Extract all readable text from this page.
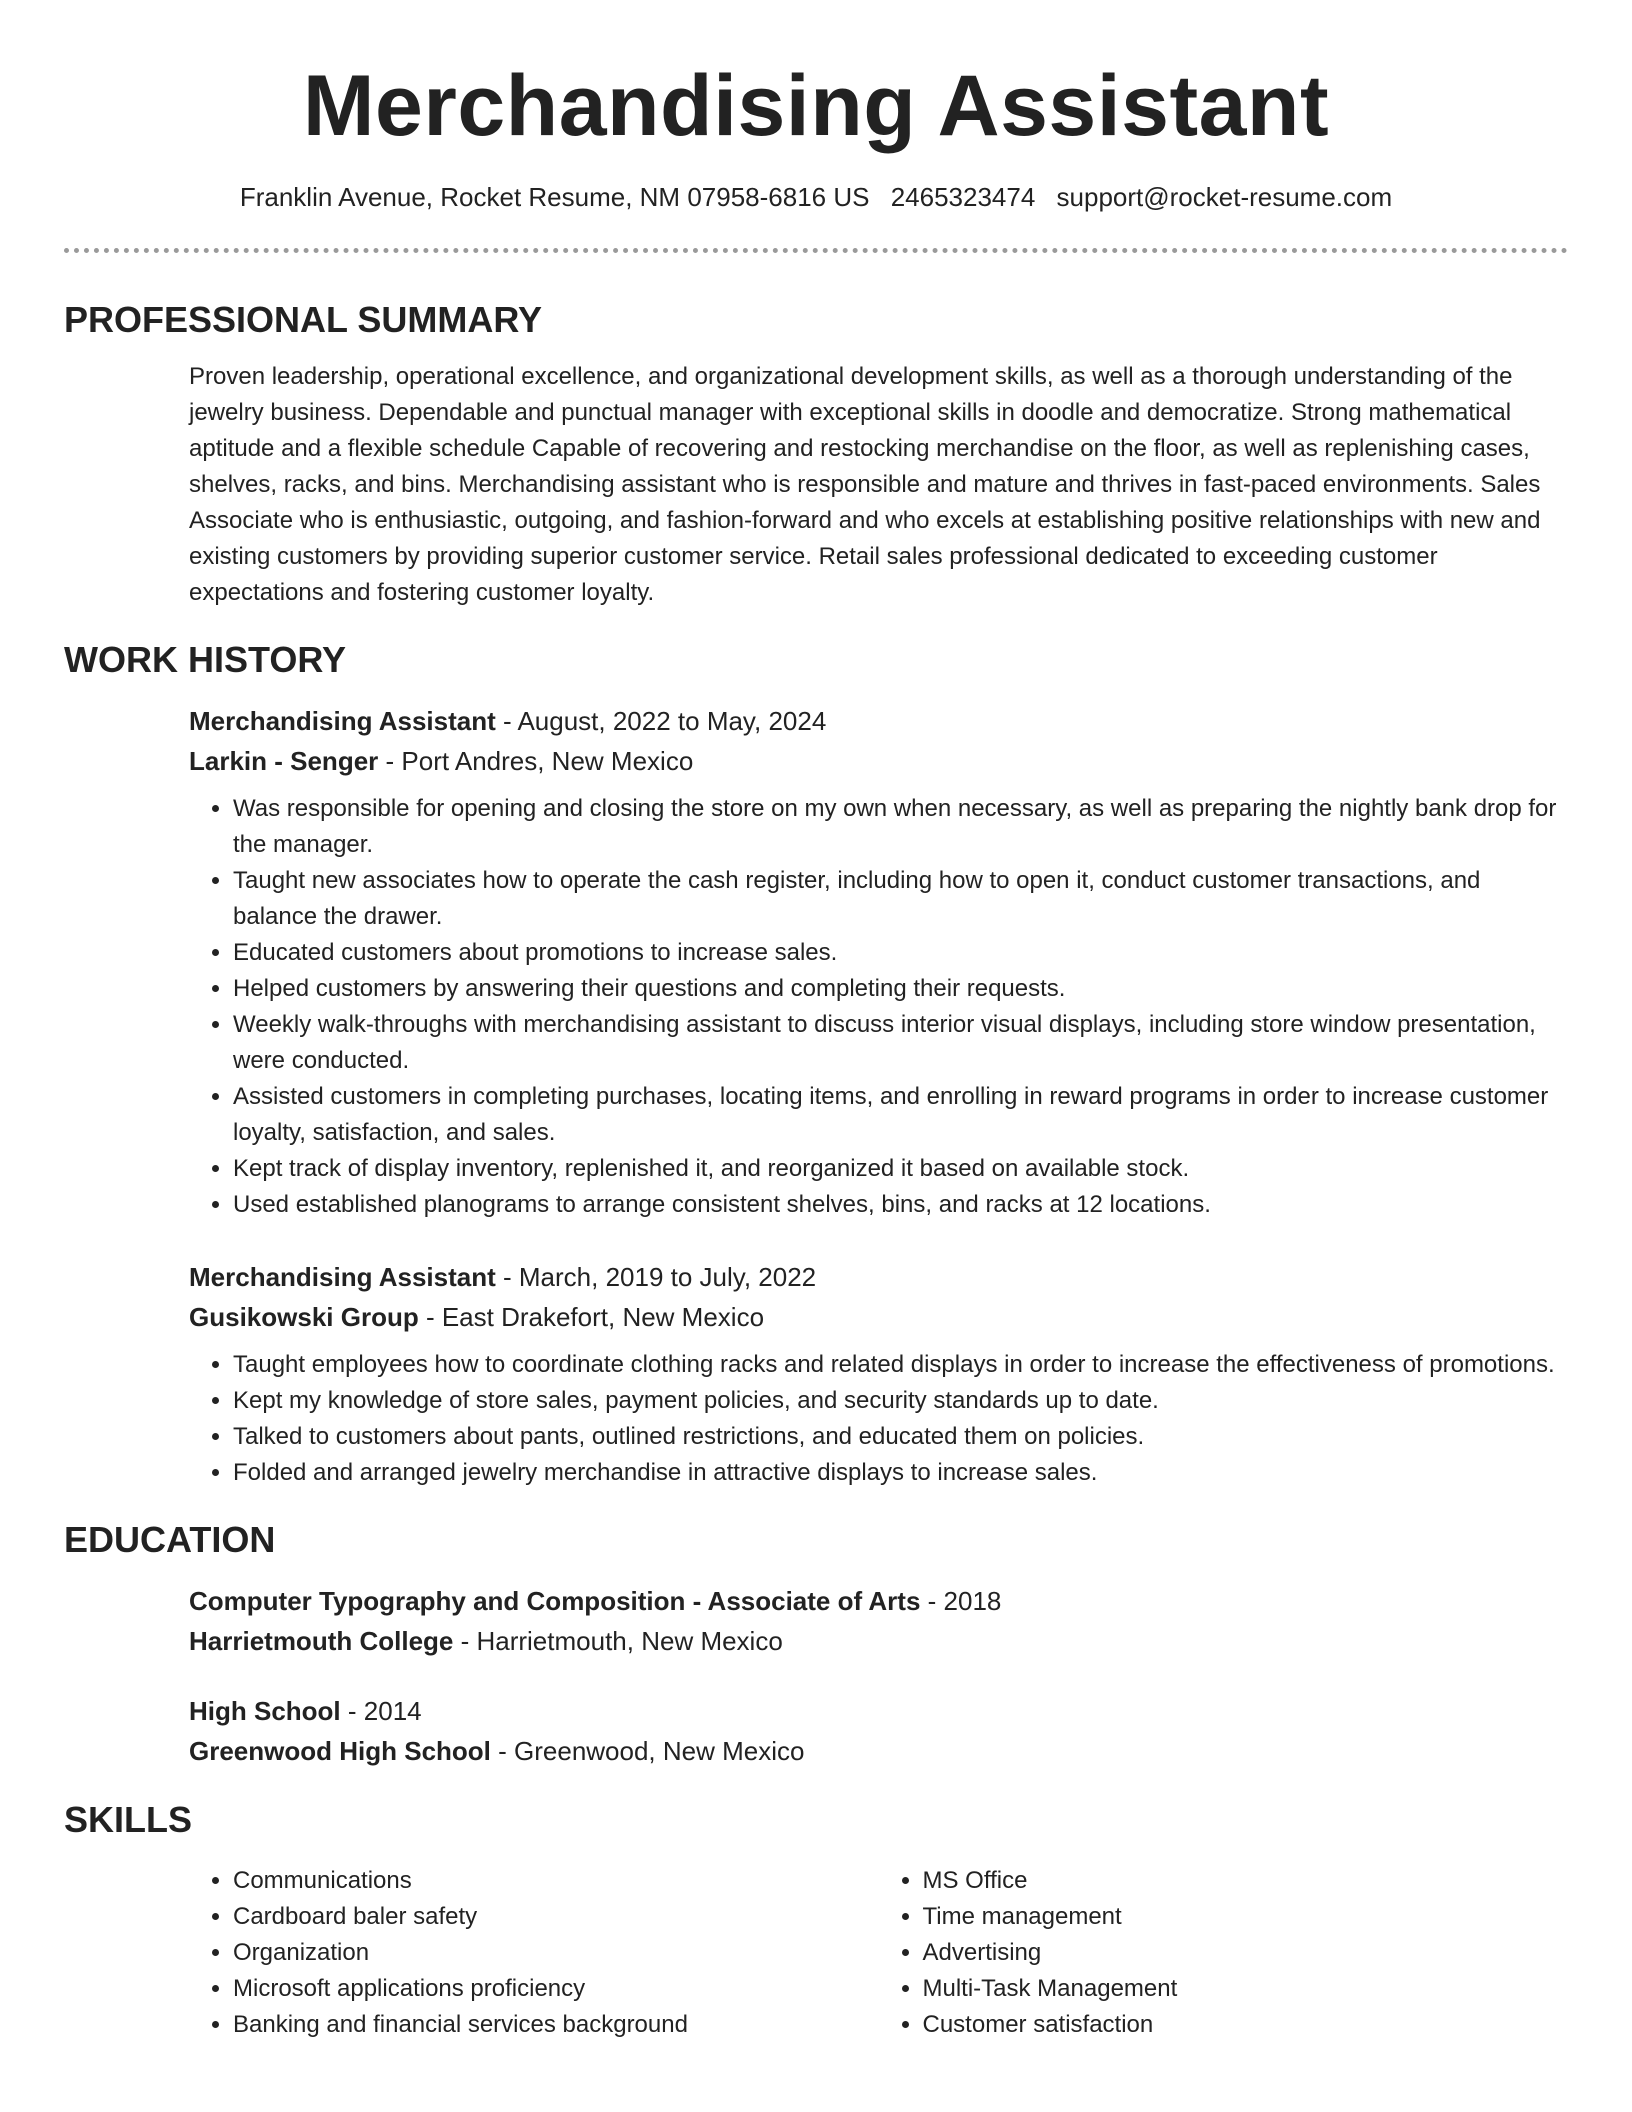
Merchandising Assistant
Franklin Avenue, Rocket Resume, NM 07958-6816 US 2465323474 support@rocket-resume.com
PROFESSIONAL SUMMARY

Proven leadership, operational excellence, and organizational development skills, as well as a thorough understanding of the jewelry business. Dependable and punctual manager with exceptional skills in doodle and democratize. Strong mathematical aptitude and a flexible schedule Capable of recovering and restocking merchandise on the floor, as well as replenishing cases, shelves, racks, and bins. Merchandising assistant who is responsible and mature and thrives in fast-paced environments. Sales Associate who is enthusiastic, outgoing, and fashion-forward and who excels at establishing positive relationships with new and existing customers by providing superior customer service. Retail sales professional dedicated to exceeding customer expectations and fostering customer loyalty.

WORK HISTORY

Merchandising Assistant - August, 2022 to May, 2024

Larkin - Senger - Port Andres, New Mexico

• Was responsible for opening and closing the store on my own when necessary, as well as preparing the nightly bank drop for the manager.
• Taught new associates how to operate the cash register, including how to open it, conduct customer transactions, and balance the drawer.
• Educated customers about promotions to increase sales.
• Helped customers by answering their questions and completing their requests.
• Weekly walk-throughs with merchandising assistant to discuss interior visual displays, including store window presentation, were conducted.
• Assisted customers in completing purchases, locating items, and enrolling in reward programs in order to increase customer loyalty, satisfaction, and sales.
• Kept track of display inventory, replenished it, and reorganized it based on available stock.
• Used established planograms to arrange consistent shelves, bins, and racks at 12 locations.

Merchandising Assistant - March, 2019 to July, 2022

Gusikowski Group - East Drakefort, New Mexico

• Taught employees how to coordinate clothing racks and related displays in order to increase the effectiveness of promotions.
• Kept my knowledge of store sales, payment policies, and security standards up to date.
• Talked to customers about pants, outlined restrictions, and educated them on policies.
• Folded and arranged jewelry merchandise in attractive displays to increase sales.
EDUCATION

Computer Typography and Composition - Associate of Arts - 2018

Harrietmouth College - Harrietmouth, New Mexico

High School - 2014

Greenwood High School - Greenwood, New Mexico

SKILLS
• Communications
• Cardboard baler safety
• Organization
• Microsoft applications proficiency
• Banking and financial services background
• MS Office
• Time management
• Advertising
• Multi-Task Management
• Customer satisfaction
